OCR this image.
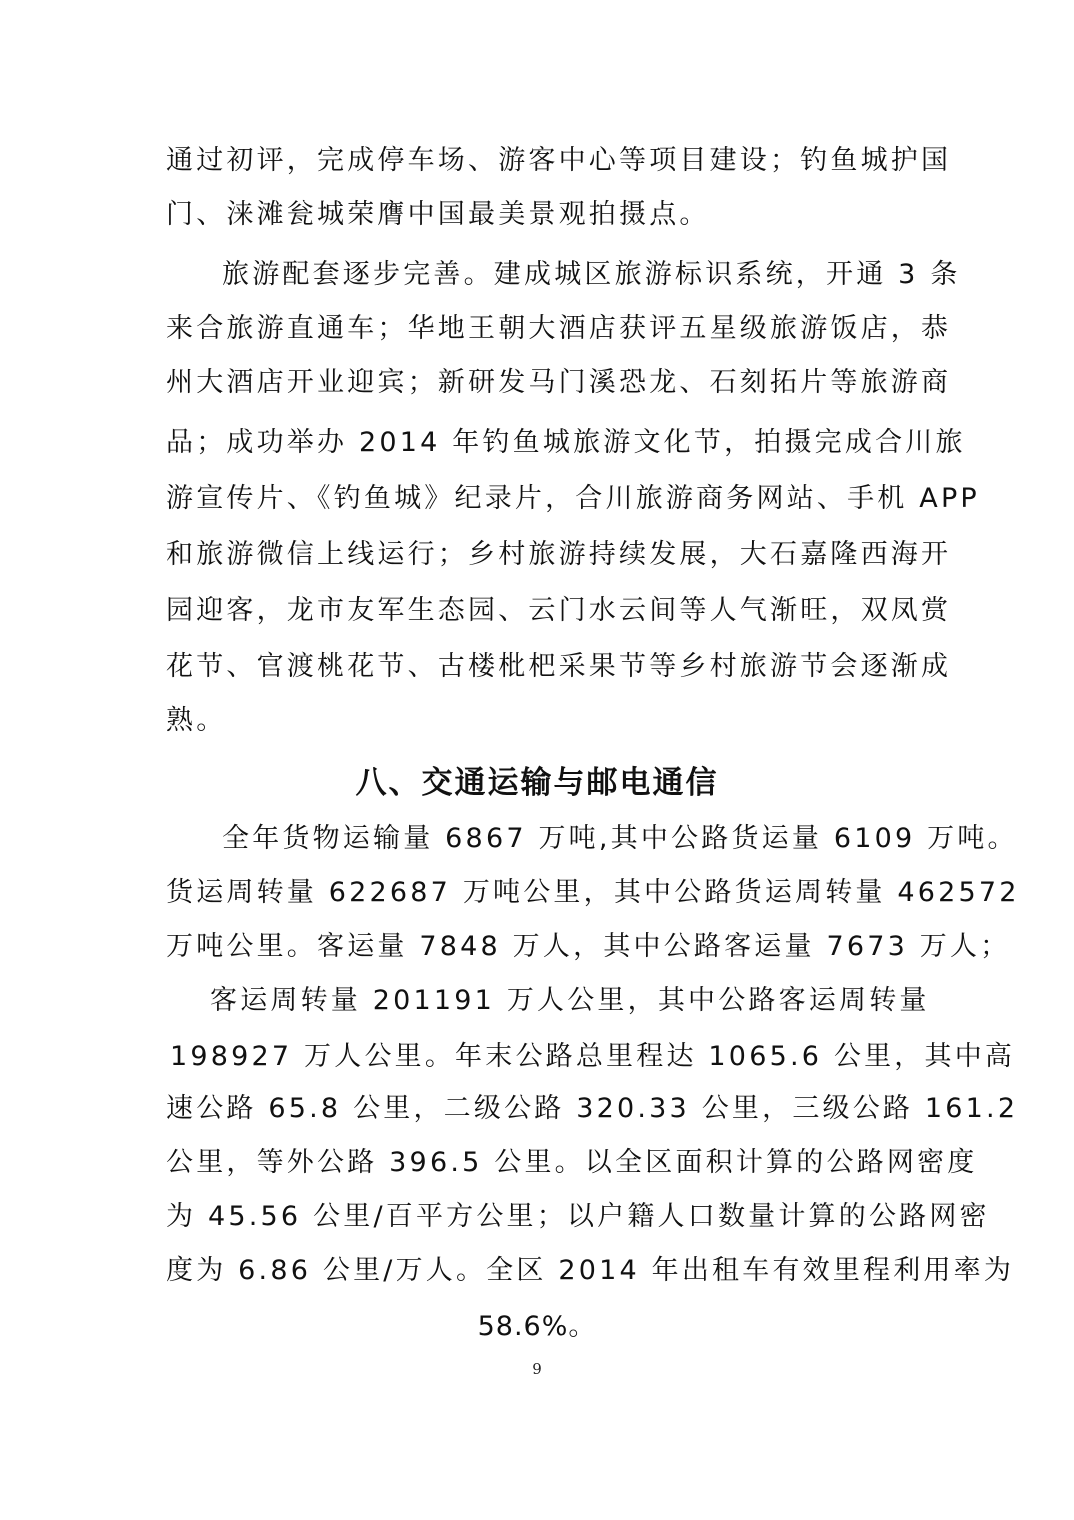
通过初评，完成停车场、游客中心等项目建设；钓鱼城护国
门、涞滩瓮城荣膺中国最美景观拍摄点。
旅游配套逐步完善。建成城区旅游标识系统，开通 3 条
来合旅游直通车；华地王朝大酒店获评五星级旅游饭店，恭
州大酒店开业迎宾；新研发马门溪恐龙、石刻拓片等旅游商
品；成功举办 2014 年钓鱼城旅游文化节，拍摄完成合川旅
游宣传片、《钓鱼城》纪录片，合川旅游商务网站、手机 APP
和旅游微信上线运行；乡村旅游持续发展，大石嘉隆西海开
园迎客，龙市友军生态园、云门水云间等人气渐旺，双凤赏
花节、官渡桃花节、古楼枇杷采果节等乡村旅游节会逐渐成
熟。
八、交通运输与邮电通信
全年货物运输量 6867 万吨,其中公路货运量 6109 万吨。
货运周转量 622687 万吨公里，其中公路货运周转量 462572
万吨公里。客运量 7848 万人，其中公路客运量 7673 万人；
客运周转量 201191 万人公里，其中公路客运周转量
198927 万人公里。年末公路总里程达 1065.6 公里，其中高
速公路 65.8 公里，二级公路 320.33 公里，三级公路 161.2
公里，等外公路 396.5 公里。以全区面积计算的公路网密度
为 45.56 公里/百平方公里；以户籍人口数量计算的公路网密
度为 6.86 公里/万人。全区 2014 年出租车有效里程利用率为
58.6%。
9
